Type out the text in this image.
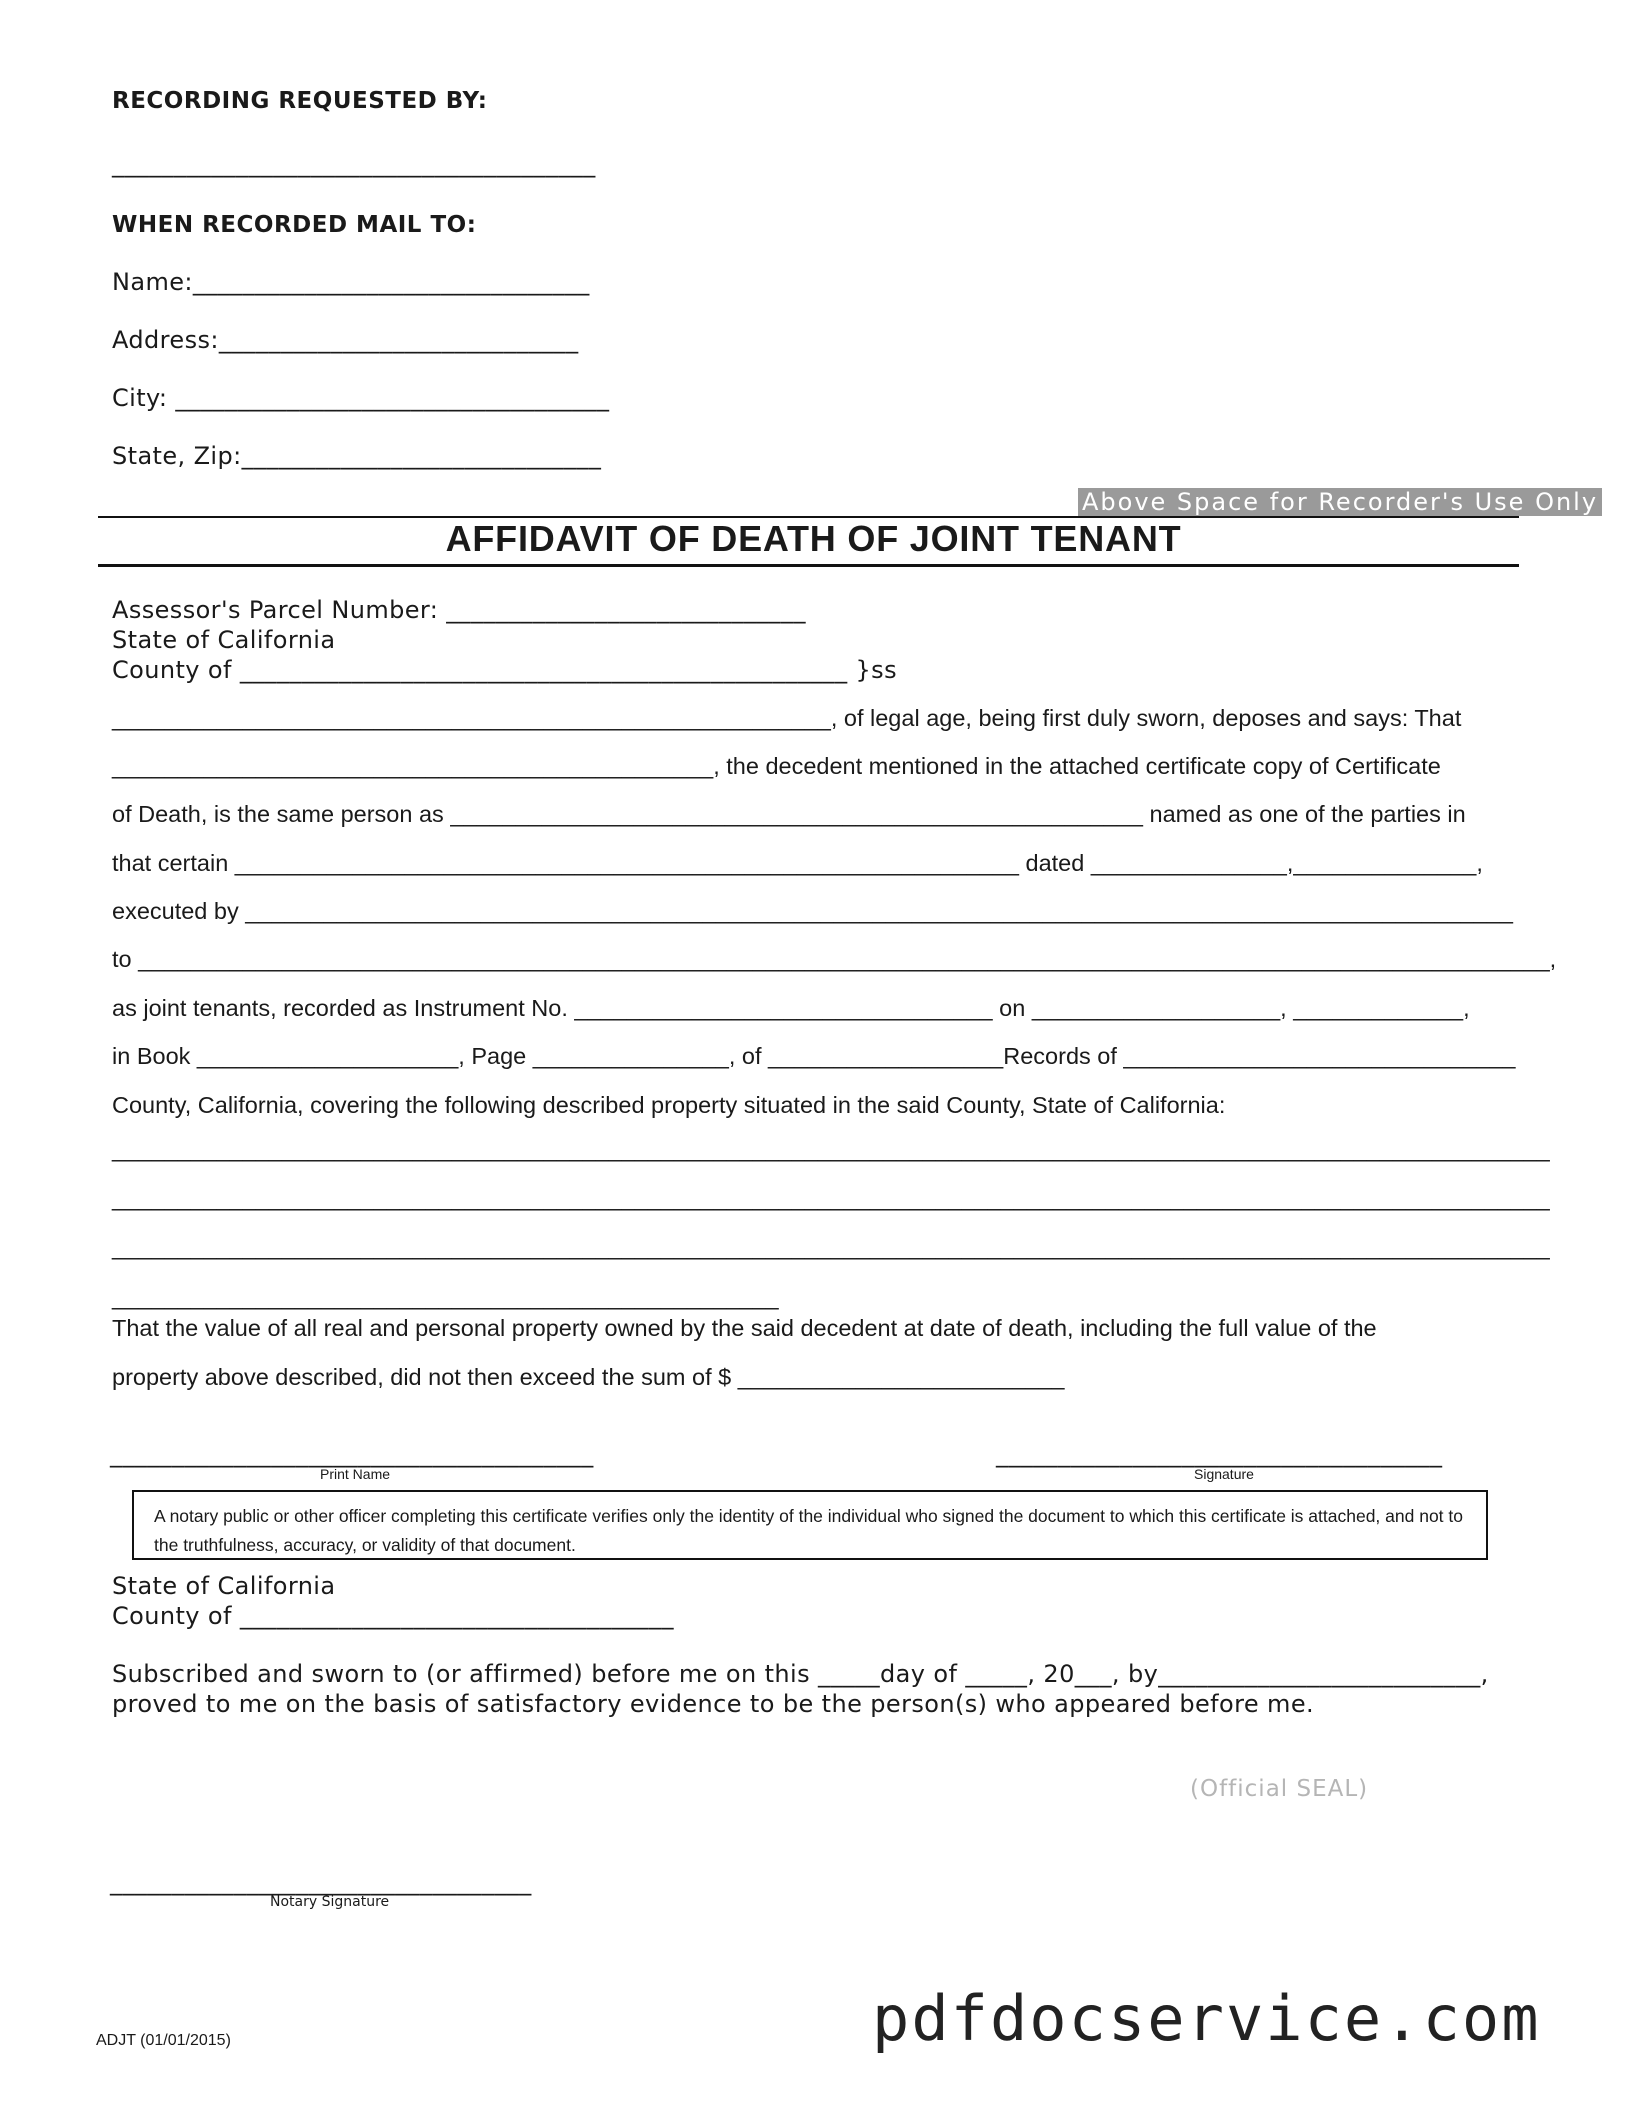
RECORDING REQUESTED BY:
_______________________________________
WHEN RECORDED MAIL TO:
Name:________________________________
Address:_____________________________
City: ___________________________________
State, Zip:_____________________________
Above Space for Recorder's Use Only
AFFIDAVIT OF DEATH OF JOINT TENANT
Assessor's Parcel Number: _____________________________
State of California
County of _________________________________________________ }ss
_______________________________________________________, of legal age, being first duly sworn, deposes and says: That
______________________________________________, the decedent mentioned in the attached certificate copy of Certificate
of Death, is the same person as _____________________________________________________ named as one of the parties in
that certain ____________________________________________________________ dated _______________,______________,
executed by _________________________________________________________________________________________________
to ____________________________________________________________________________________________________________,
as joint tenants, recorded as Instrument No. ________________________________ on ___________________, _____________,
in Book ____________________, Page _______________, of __________________Records of ______________________________
County, California, covering the following described property situated in the said County, State of California:
______________________________________________________________________________________________________________
______________________________________________________________________________________________________________
______________________________________________________________________________________________________________
___________________________________________________
That the value of all real and personal property owned by the said decedent at date of death, including the full value of the
property above described, did not then exceed the sum of $ _________________________
_______________________________________
Print Name
____________________________________
Signature
A notary public or other officer completing this certificate verifies only the identity of the individual who signed the document to which this certificate is attached, and not to the truthfulness, accuracy, or validity of that document.
State of California
County of ___________________________________
Subscribed and sworn to (or affirmed) before me on this _____day of _____, 20___, by__________________________,
proved to me on the basis of satisfactory evidence to be the person(s) who appeared before me.
(Official SEAL)
__________________________________
Notary Signature
ADJT (01/01/2015)	pdfdocservice.com
